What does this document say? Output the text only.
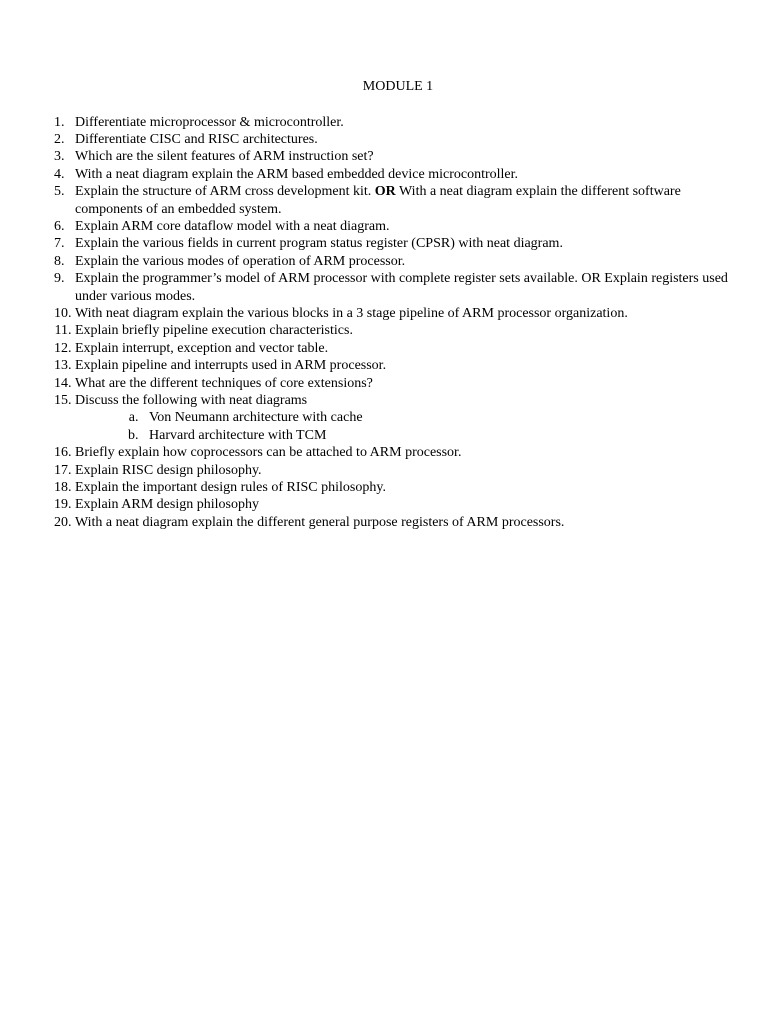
MODULE 1
1. Differentiate microprocessor & microcontroller.
2. Differentiate CISC and RISC architectures.
3. Which are the silent features of ARM instruction set?
4. With a neat diagram explain the ARM based embedded device microcontroller.
5. Explain the structure of ARM cross development kit. OR With a neat diagram explain the different software components of an embedded system.
6. Explain ARM core dataflow model with a neat diagram.
7. Explain the various fields in current program status register (CPSR) with neat diagram.
8. Explain the various modes of operation of ARM processor.
9. Explain the programmer’s model of ARM processor with complete register sets available. OR Explain registers used under various modes.
10. With neat diagram explain the various blocks in a 3 stage pipeline of ARM processor organization.
11. Explain briefly pipeline execution characteristics.
12. Explain interrupt, exception and vector table.
13. Explain pipeline and interrupts used in ARM processor.
14. What are the different techniques of core extensions?
15. Discuss the following with neat diagrams
a. Von Neumann architecture with cache
b. Harvard architecture with TCM
16. Briefly explain how coprocessors can be attached to ARM processor.
17. Explain RISC design philosophy.
18. Explain the important design rules of RISC philosophy.
19. Explain ARM design philosophy
20. With a neat diagram explain the different general purpose registers of ARM processors.
